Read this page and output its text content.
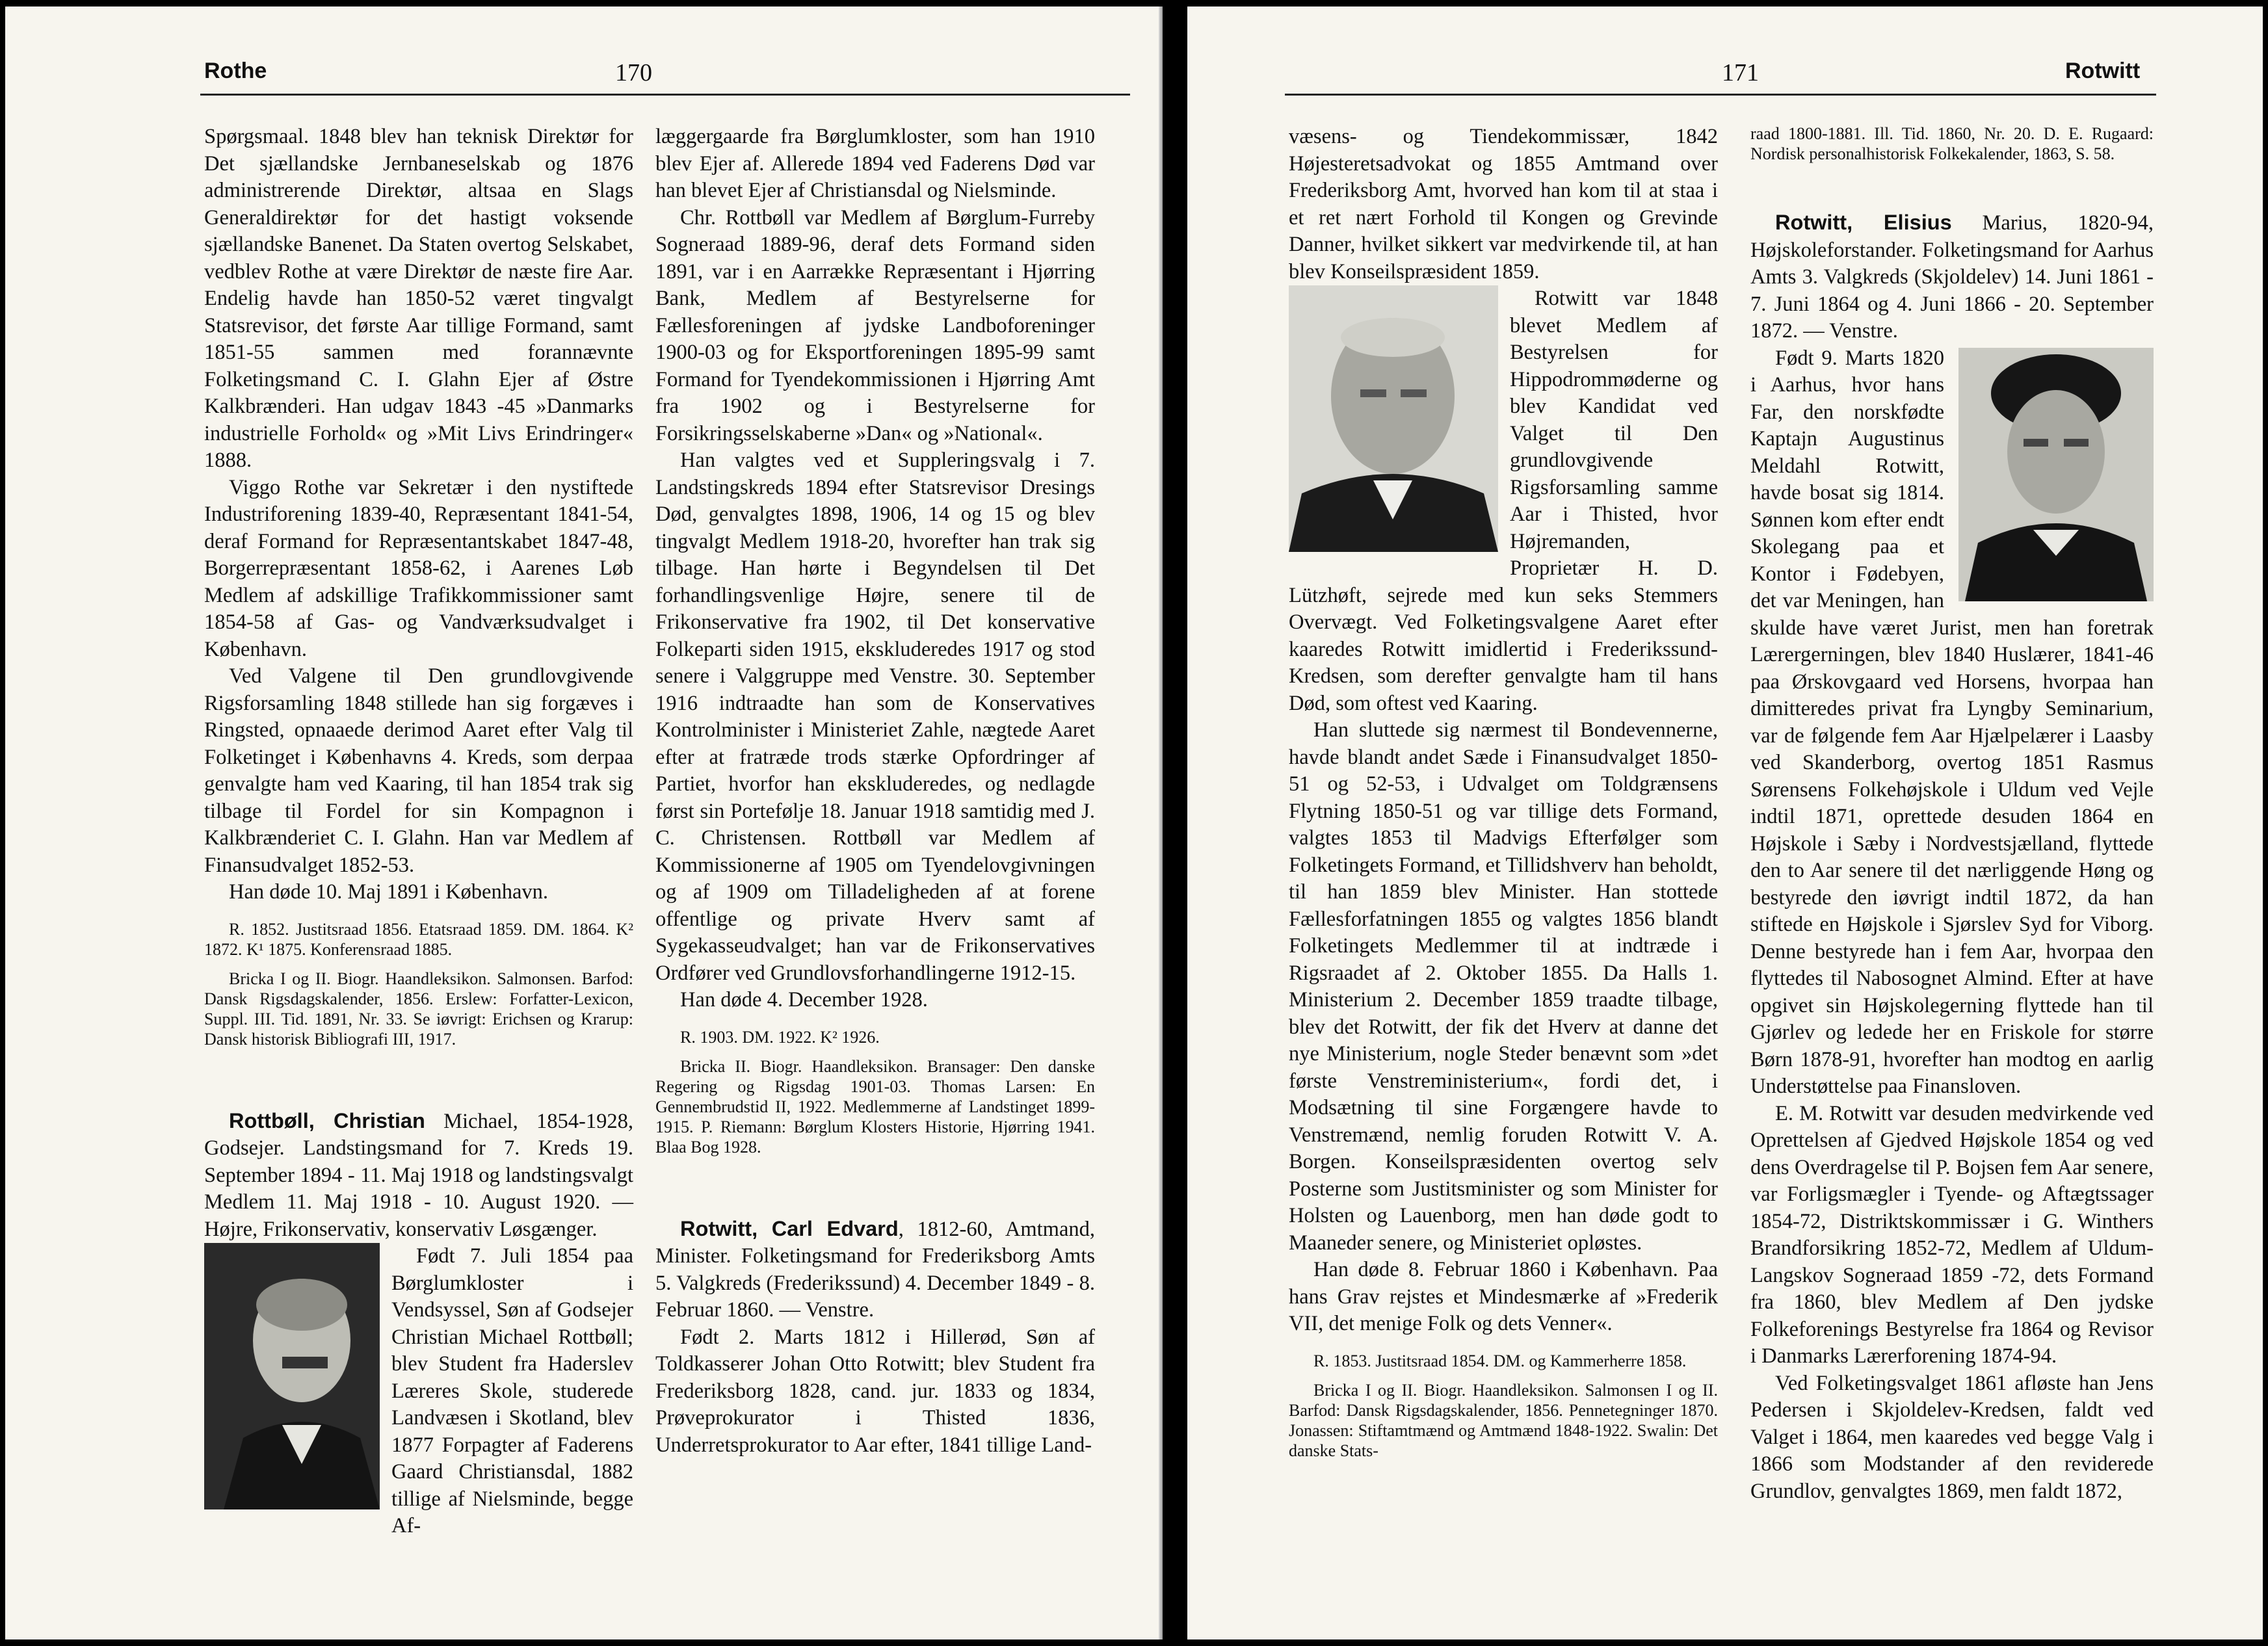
Rothe	170

Spørgsmaal. 1848 blev han teknisk Direktør for Det sjællandske Jernbaneselskab og 1876 administrerende Direktør, altsaa en Slags Generaldirektør for det hastigt voksende sjællandske Banenet. Da Staten overtog Selskabet, vedblev Rothe at være Direktør de næste fire Aar. Endelig havde han 1850-52 været tingvalgt Statsrevisor, det første Aar tillige Formand, samt 1851-55 sammen med forannævnte Folketingsmand C. I. Glahn Ejer af Østre Kalkbrænderi. Han udgav 1843 -45 »Danmarks industrielle Forhold« og »Mit Livs Erindringer« 1888.

Viggo Rothe var Sekretær i den nystiftede Industriforening 1839-40, Repræsentant 1841-54, deraf Formand for Repræsentantskabet 1847-48, Borgerrepræsentant 1858-62, i Aarenes Løb Medlem af adskillige Trafikkommissioner samt 1854-58 af Gas- og Vandværksudvalget i København.

Ved Valgene til Den grundlovgivende Rigsforsamling 1848 stillede han sig forgæves i Ringsted, opnaaede derimod Aaret efter Valg til Folketinget i Københavns 4. Kreds, som derpaa genvalgte ham ved Kaaring, til han 1854 trak sig tilbage til Fordel for sin Kompagnon i Kalkbrænderiet C. I. Glahn. Han var Medlem af Finansudvalget 1852-53.

Han døde 10. Maj 1891 i København.

R. 1852. Justitsraad 1856. Etatsraad 1859. DM. 1864. K² 1872. K¹ 1875. Konferensraad 1885.

Bricka I og II. Biogr. Haandleksikon. Salmonsen. Barfod: Dansk Rigsdagskalender, 1856. Erslew: Forfatter-Lexicon, Suppl. III. Tid. 1891, Nr. 33. Se iøvrigt: Erichsen og Krarup: Dansk historisk Bibliografi III, 1917.

Rottbøll, Christian Michael, 1854-1928, Godsejer. Landstingsmand for 7. Kreds 19. September 1894 - 11. Maj 1918 og landstingsvalgt Medlem 11. Maj 1918 - 10. August 1920. — Højre, Frikonservativ, konservativ Løsgænger.

Født 7. Juli 1854 paa Børglumkloster i Vendsyssel, Søn af Godsejer Christian Michael Rottbøll; blev Student fra Haderslev Læreres Skole, studerede Landvæsen i Skotland, blev 1877 Forpagter af Faderens Gaard Christiansdal, 1882 tillige af Nielsminde, begge Af-

læggergaarde fra Børglumkloster, som han 1910 blev Ejer af. Allerede 1894 ved Faderens Død var han blevet Ejer af Christiansdal og Nielsminde.

Chr. Rottbøll var Medlem af Børglum-Furreby Sogneraad 1889-96, deraf dets Formand siden 1891, var i en Aarrække Repræsentant i Hjørring Bank, Medlem af Bestyrelserne for Fællesforeningen af jydske Landboforeninger 1900-03 og for Eksportforeningen 1895-99 samt Formand for Tyendekommissionen i Hjørring Amt fra 1902 og i Bestyrelserne for Forsikringsselskaberne »Dan« og »National«.

Han valgtes ved et Suppleringsvalg i 7. Landstingskreds 1894 efter Statsrevisor Dresings Død, genvalgtes 1898, 1906, 14 og 15 og blev tingvalgt Medlem 1918-20, hvorefter han trak sig tilbage. Han hørte i Begyndelsen til Det forhandlingsvenlige Højre, senere til de Frikonservative fra 1902, til Det konservative Folkeparti siden 1915, ekskluderedes 1917 og stod senere i Valggruppe med Venstre. 30. September 1916 indtraadte han som de Konservatives Kontrolminister i Ministeriet Zahle, nægtede Aaret efter at fratræde trods stærke Opfordringer af Partiet, hvorfor han ekskluderedes, og nedlagde først sin Portefølje 18. Januar 1918 samtidig med J. C. Christensen. Rottbøll var Medlem af Kommissionerne af 1905 om Tyendelovgivningen og af 1909 om Tilladeligheden af at forene offentlige og private Hverv samt af Sygekasseudvalget; han var de Frikonservatives Ordfører ved Grundlovsforhandlingerne 1912-15.

Han døde 4. December 1928.

R. 1903. DM. 1922. K² 1926.

Bricka II. Biogr. Haandleksikon. Bransager: Den danske Regering og Rigsdag 1901-03. Thomas Larsen: En Gennembrudstid II, 1922. Medlemmerne af Landstinget 1899-1915. P. Riemann: Børglum Klosters Historie, Hjørring 1941. Blaa Bog 1928.

Rotwitt, Carl Edvard, 1812-60, Amtmand, Minister. Folketingsmand for Frederiksborg Amts 5. Valgkreds (Frederikssund) 4. December 1849 - 8. Februar 1860. — Venstre.

Født 2. Marts 1812 i Hillerød, Søn af Toldkasserer Johan Otto Rotwitt; blev Student fra Frederiksborg 1828, cand. jur. 1833 og 1834, Prøveprokurator i Thisted 1836, Underretsprokurator to Aar efter, 1841 tillige Land-

171	Rotwitt

væsens- og Tiendekommissær, 1842 Højesteretsadvokat og 1855 Amtmand over Frederiksborg Amt, hvorved han kom til at staa i et ret nært Forhold til Kongen og Grevinde Danner, hvilket sikkert var medvirkende til, at han blev Konseilspræsident 1859.

Rotwitt var 1848 blevet Medlem af Bestyrelsen for Hippodrommøderne og blev Kandidat ved Valget til Den grundlovgivende Rigsforsamling samme Aar i Thisted, hvor Højremanden, Proprietær H. D. Lützhøft, sejrede med kun seks Stemmers Overvægt. Ved Folketingsvalgene Aaret efter kaaredes Rotwitt imidlertid i Frederikssund-Kredsen, som derefter genvalgte ham til hans Død, som oftest ved Kaaring.

Han sluttede sig nærmest til Bondevennerne, havde blandt andet Sæde i Finansudvalget 1850-51 og 52-53, i Udvalget om Toldgrænsens Flytning 1850-51 og var tillige dets Formand, valgtes 1853 til Madvigs Efterfølger som Folketingets Formand, et Tillidshverv han beholdt, til han 1859 blev Minister. Han stottede Fællesforfatningen 1855 og valgtes 1856 blandt Folketingets Medlemmer til at indtræde i Rigsraadet af 2. Oktober 1855. Da Halls 1. Ministerium 2. December 1859 traadte tilbage, blev det Rotwitt, der fik det Hverv at danne det nye Ministerium, nogle Steder benævnt som »det første Venstreministerium«, fordi det, i Modsætning til sine Forgængere havde to Venstremænd, nemlig foruden Rotwitt V. A. Borgen. Konseilspræsidenten overtog selv Posterne som Justitsminister og som Minister for Holsten og Lauenborg, men han døde godt to Maaneder senere, og Ministeriet opløstes.

Han døde 8. Februar 1860 i København. Paa hans Grav rejstes et Mindesmærke af »Frederik VII, det menige Folk og dets Venner«.

R. 1853. Justitsraad 1854. DM. og Kammerherre 1858.

Bricka I og II. Biogr. Haandleksikon. Salmonsen I og II. Barfod: Dansk Rigsdagskalender, 1856. Pennetegninger 1870. Jonassen: Stiftamtmænd og Amtmænd 1848-1922. Swalin: Det danske Stats-

raad 1800-1881. Ill. Tid. 1860, Nr. 20. D. E. Rugaard: Nordisk personalhistorisk Folkekalender, 1863, S. 58.

Rotwitt, Elisius Marius, 1820-94, Højskoleforstander. Folketingsmand for Aarhus Amts 3. Valgkreds (Skjoldelev) 14. Juni 1861 - 7. Juni 1864 og 4. Juni 1866 - 20. September 1872. — Venstre.

Født 9. Marts 1820 i Aarhus, hvor hans Far, den norskfødte Kaptajn Augustinus Meldahl Rotwitt, havde bosat sig 1814. Sønnen kom efter endt Skolegang paa et Kontor i Fødebyen, det var Meningen, han skulde have været Jurist, men han foretrak Lærergerningen, blev 1840 Huslærer, 1841-46 paa Ørskovgaard ved Horsens, hvorpaa han dimitteredes privat fra Lyngby Seminarium, var de følgende fem Aar Hjælpelærer i Laasby ved Skanderborg, overtog 1851 Rasmus Sørensens Folkehøjskole i Uldum ved Vejle indtil 1871, oprettede desuden 1864 en Højskole i Sæby i Nordvestsjælland, flyttede den to Aar senere til det nærliggende Høng og bestyrede den iøvrigt indtil 1872, da han stiftede en Højskole i Sjørslev Syd for Viborg. Denne bestyrede han i fem Aar, hvorpaa den flyttedes til Nabosognet Almind. Efter at have opgivet sin Højskolegerning flyttede han til Gjørlev og ledede her en Friskole for større Børn 1878-91, hvorefter han modtog en aarlig Understøttelse paa Finansloven.

E. M. Rotwitt var desuden medvirkende ved Oprettelsen af Gjedved Højskole 1854 og ved dens Overdragelse til P. Bojsen fem Aar senere, var Forligsmægler i Tyende- og Aftægtssager 1854-72, Distriktskommissær i G. Winthers Brandforsikring 1852-72, Medlem af Uldum-Langskov Sogneraad 1859 -72, dets Formand fra 1860, blev Medlem af Den jydske Folkeforenings Bestyrelse fra 1864 og Revisor i Danmarks Lærerforening 1874-94.

Ved Folketingsvalget 1861 afløste han Jens Pedersen i Skjoldelev-Kredsen, faldt ved Valget i 1864, men kaaredes ved begge Valg i 1866 som Modstander af den reviderede Grundlov, genvalgtes 1869, men faldt 1872,
